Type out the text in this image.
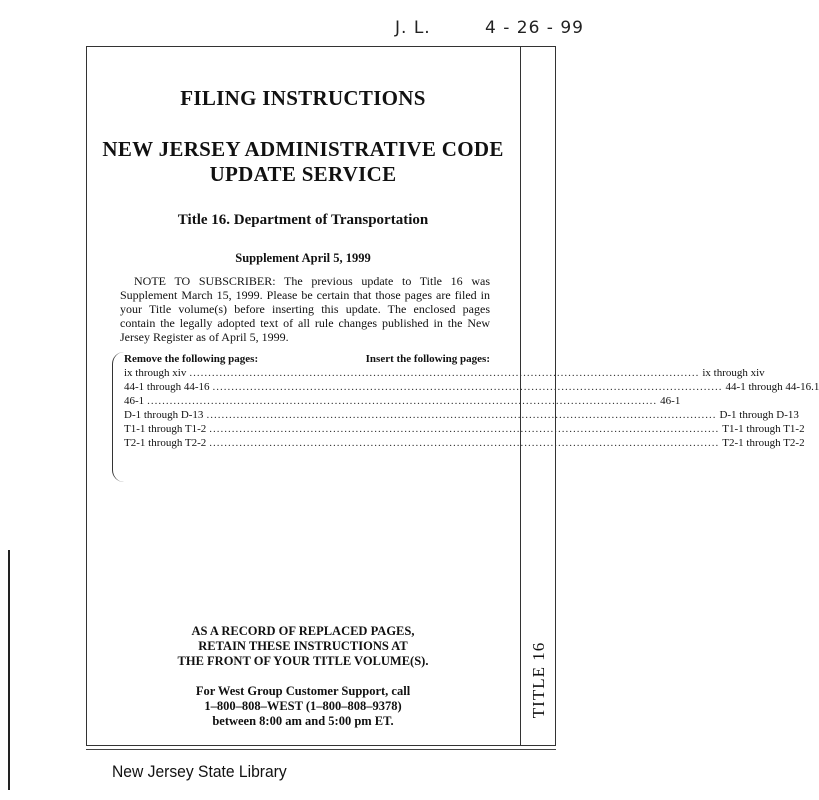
J. L.	4 - 26 - 99
TITLE 16
FILING INSTRUCTIONS
NEW JERSEY ADMINISTRATIVE CODE
UPDATE SERVICE
Title 16. Department of Transportation
Supplement April 5, 1999

NOTE TO SUBSCRIBER: The previous update to Title 16 was Supplement March 15, 1999. Please be certain that those pages are filed in your Title volume(s) before inserting this update. The enclosed pages contain the legally adopted text of all rule changes published in the New Jersey Register as of April 5, 1999.

Remove the following pages:	Insert the following pages:
ix through xiv ........................................................................................................................................ ix through xiv
44-1 through 44-16 ........................................................................................................................................ 44-1 through 44-16.1
46-1 ........................................................................................................................................ 46-1
D-1 through D-13 ........................................................................................................................................ D-1 through D-13
T1-1 through T1-2 ........................................................................................................................................ T1-1 through T1-2
T2-1 through T2-2 ........................................................................................................................................ T2-1 through T2-2
AS A RECORD OF REPLACED PAGES,
RETAIN THESE INSTRUCTIONS AT
THE FRONT OF YOUR TITLE VOLUME(S).
For West Group Customer Support, call
1–800–808–WEST (1–800–808–9378)
between 8:00 am and 5:00 pm ET.
New Jersey State Library
